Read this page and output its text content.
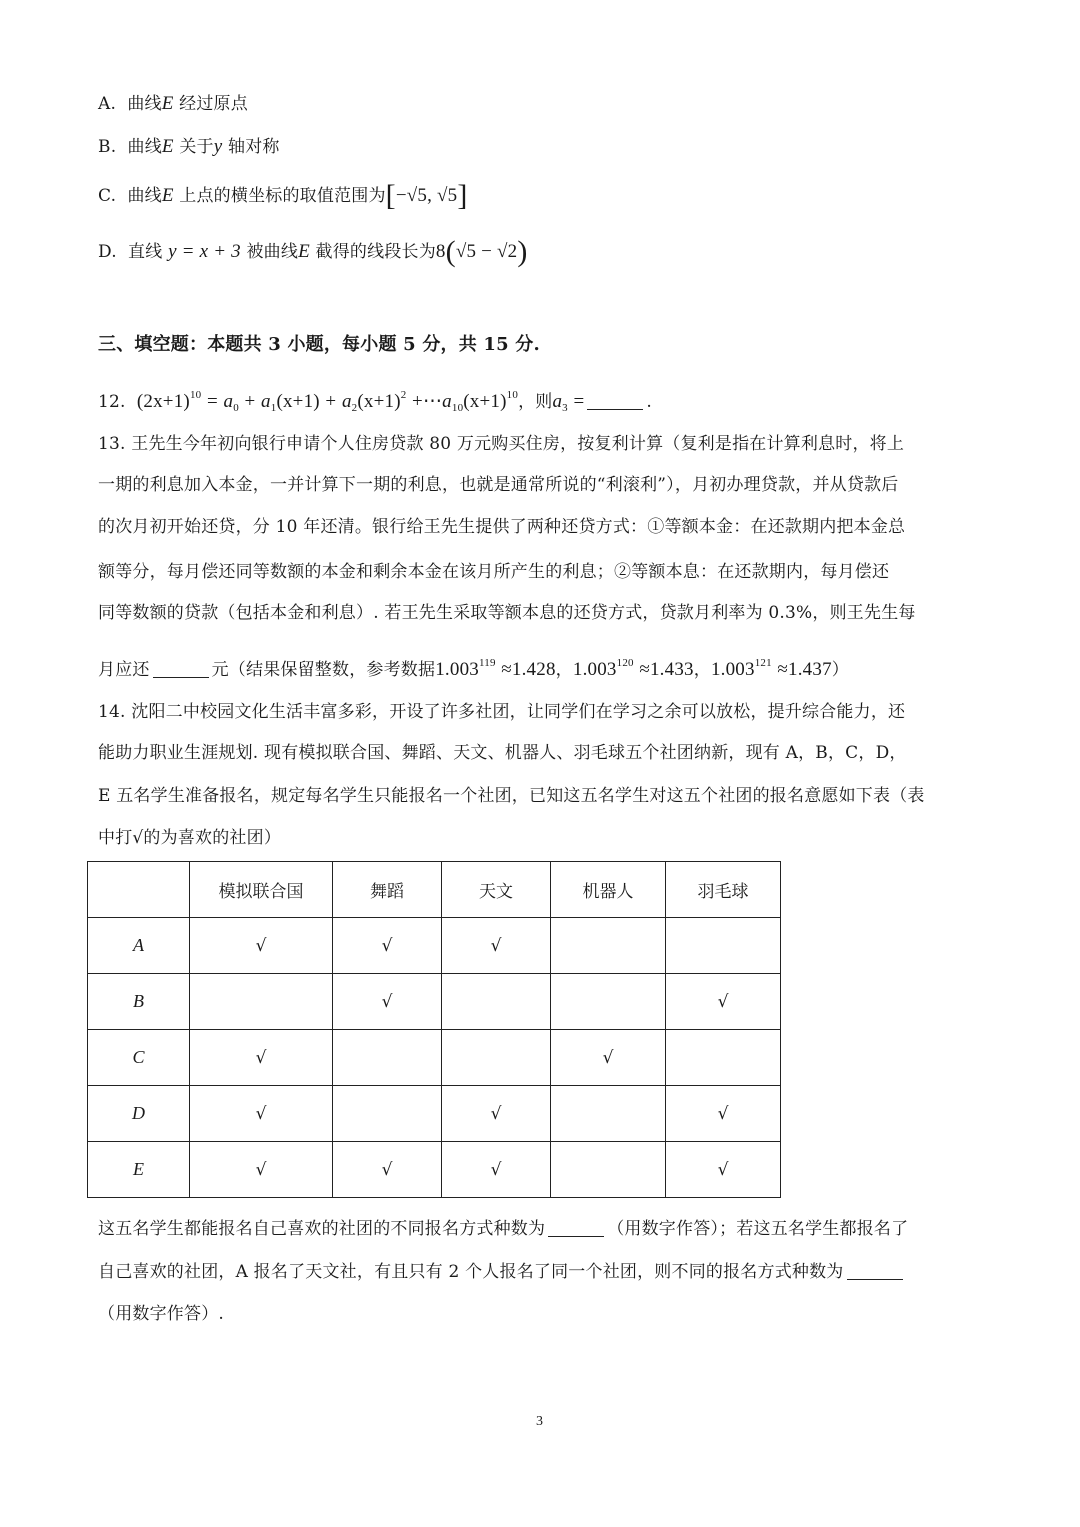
A. 曲线E 经过原点
B. 曲线E 关于y 轴对称
C. 曲线E 上点的横坐标的取值范围为[−√5, √5]
D. 直线 y = x + 3 被曲线E 截得的线段长为8(√5 − √2)
三、填空题：本题共 3 小题，每小题 5 分，共 15 分.
12. $(2x+1)^{10} = a_0 + a_1(x+1) + a_2(x+1)^2$ $+\cdots a_{10}(x+1)^{10}$，则$a_3$ =	.
13. 王先生今年初向银行申请个人住房贷款 80 万元购买住房，按复利计算（复利是指在计算利息时，将上
一期的利息加入本金，一并计算下一期的利息，也就是通常所说的“利滚利”），月初办理贷款，并从贷款后
的次月初开始还贷，分 10 年还清。银行给王先生提供了两种还贷方式：①等额本金：在还款期内把本金总
额等分，每月偿还同等数额的本金和剩余本金在该月所产生的利息；②等额本息：在还款期内，每月偿还
同等数额的贷款（包括本金和利息）. 若王先生采取等额本息的还贷方式，贷款月利率为 0.3%，则王先生每
月应还	元（结果保留整数，参考数据$1.003^{119} \approx 1.428$，$1.003^{120} \approx 1.433$，$1.003^{121} \approx 1.437$）
14. 沈阳二中校园文化生活丰富多彩，开设了许多社团，让同学们在学习之余可以放松，提升综合能力，还
能助力职业生涯规划. 现有模拟联合国、舞蹈、天文、机器人、羽毛球五个社团纳新，现有 A，B，C，D，
E 五名学生准备报名，规定每名学生只能报名一个社团，已知这五名学生对这五个社团的报名意愿如下表（表
中打√的为喜欢的社团）
	模拟联合国	舞蹈	天文	机器人	羽毛球
A	√	√	√		
B		√			√
C	√			√	
D	√		√		√
E	√	√	√		√
这五名学生都能报名自己喜欢的社团的不同报名方式种数为	（用数字作答）；若这五名学生都报名了
自己喜欢的社团，A 报名了天文社，有且只有 2 个人报名了同一个社团，则不同的报名方式种数为
（用数字作答）.
3
